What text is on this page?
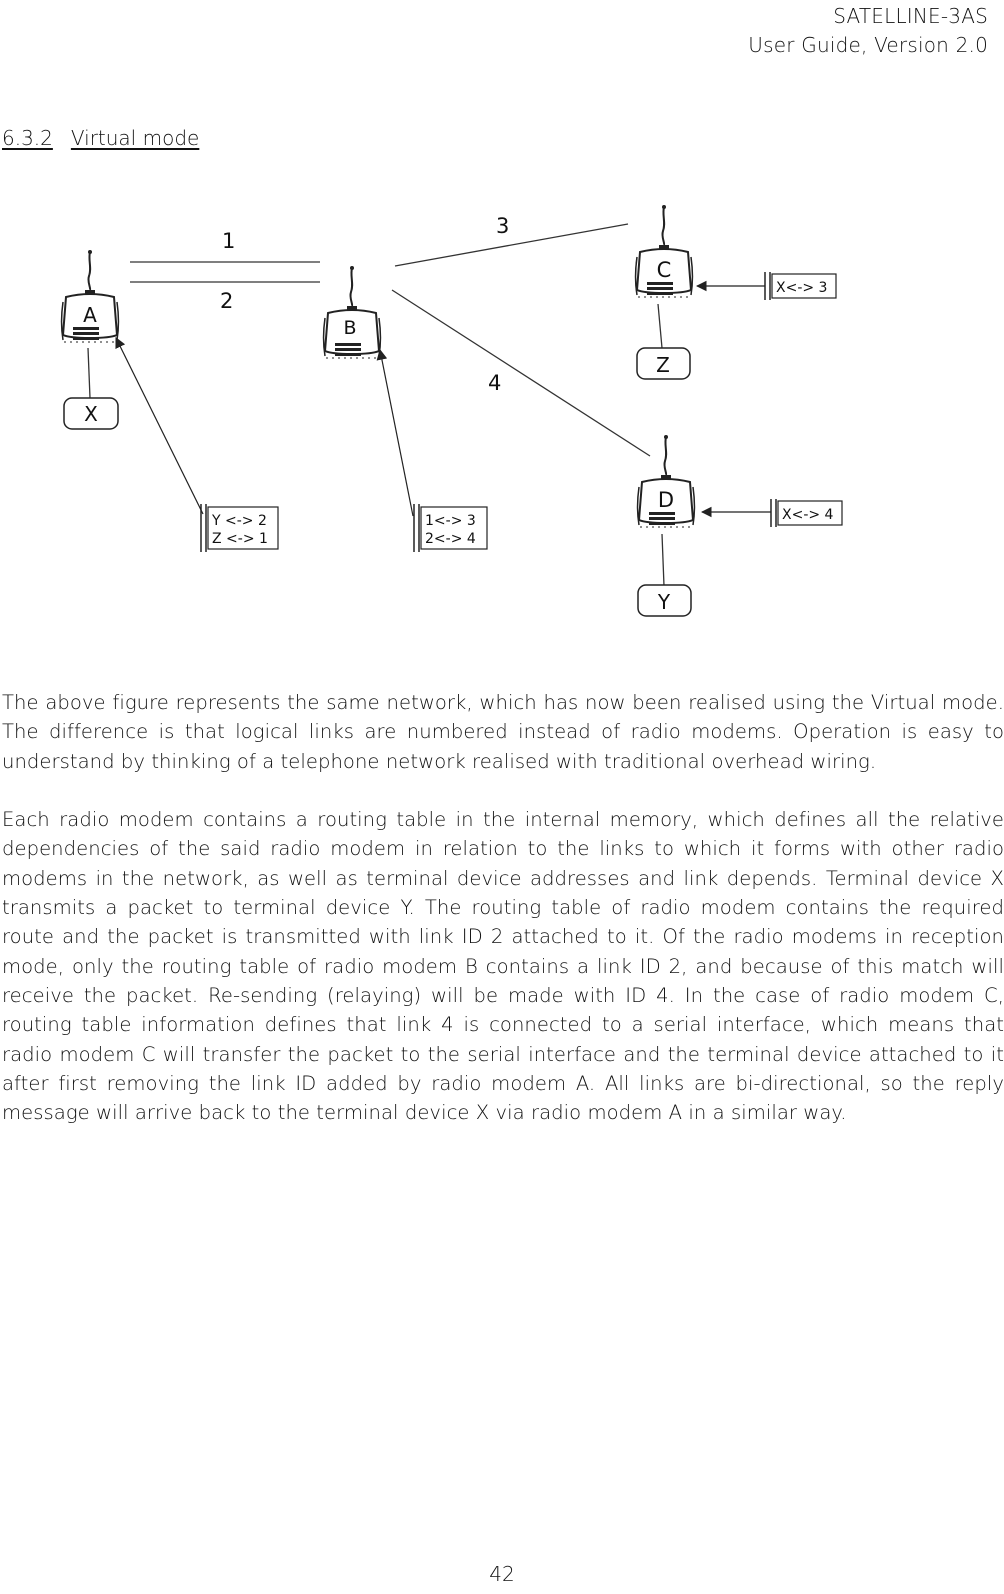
SATELLINE-3AS
User Guide, Version 2.0
6.3.2 Virtual mode
1
2
3
4
A
X
B
C
Z
D
Y
Y <-> 2
Z <-> 1
1<-> 3
2<-> 4
X<-> 3
X<-> 4

The above figure represents the same network, which has now been realised using the Virtual mode. The difference is that logical links are numbered instead of radio modems. Operation is easy to understand by thinking of a telephone network realised with traditional overhead wiring.

Each radio modem contains a routing table in the internal memory, which defines all the relative dependencies of the said radio modem in relation to the links to which it forms with other radio modems in the network, as well as terminal device addresses and link depends. Terminal device X transmits a packet to terminal device Y. The routing table of radio modem contains the required route and the packet is transmitted with link ID 2 attached to it. Of the radio modems in reception mode, only the routing table of radio modem B contains a link ID 2, and because of this match will receive the packet. Re-sending (relaying) will be made with ID 4. In the case of radio modem C, routing table information defines that link 4 is connected to a serial interface, which means that radio modem C will transfer the packet to the serial interface and the terminal device attached to it after first removing the link ID added by radio modem A. All links are bi-directional, so the reply message will arrive back to the terminal device X via radio modem A in a similar way.

42
